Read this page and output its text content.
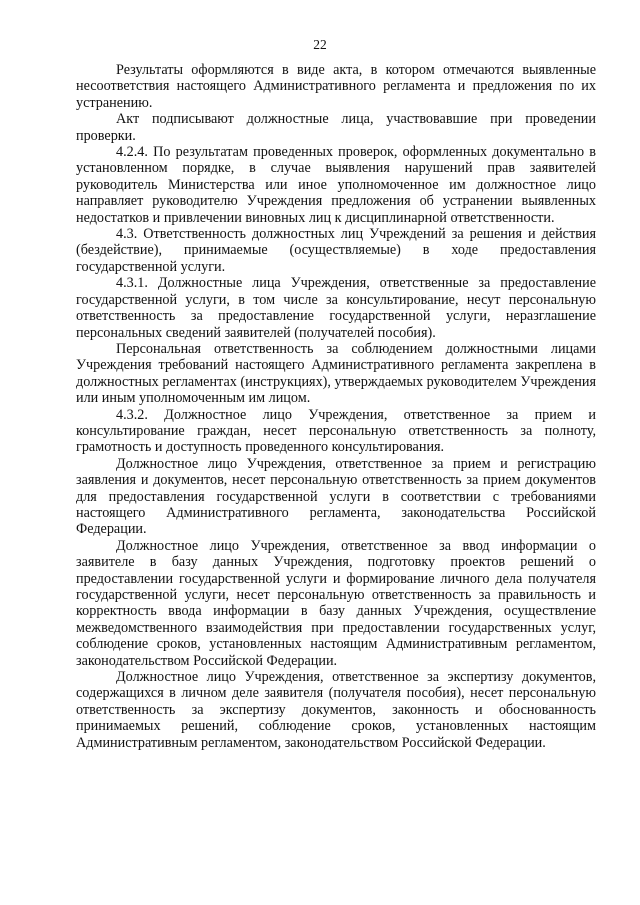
22

Результаты оформляются в виде акта, в котором отмечаются выявленные несоответствия настоящего Административного регламента и предложения по их устранению.

Акт подписывают должностные лица, участвовавшие при проведении проверки.

4.2.4. По результатам проведенных проверок, оформленных документально в установленном порядке, в случае выявления нарушений прав заявителей руководитель Министерства или иное уполномоченное им должностное лицо направляет руководителю Учреждения предложения об устранении выявленных недостатков и привлечении виновных лиц к дисциплинарной ответственности.

4.3. Ответственность должностных лиц Учреждений за решения и действия (бездействие), принимаемые (осуществляемые) в ходе предоставления государственной услуги.

4.3.1. Должностные лица Учреждения, ответственные за предоставление государственной услуги, в том числе за консультирование, несут персональную ответственность за предоставление государственной услуги, неразглашение персональных сведений заявителей (получателей пособия).

Персональная ответственность за соблюдением должностными лицами Учреждения требований настоящего Административного регламента закреплена в должностных регламентах (инструкциях), утверждаемых руководителем Учреждения или иным уполномоченным им лицом.

4.3.2. Должностное лицо Учреждения, ответственное за прием и консультирование граждан, несет персональную ответственность за полноту, грамотность и доступность проведенного консультирования.

Должностное лицо Учреждения, ответственное за прием и регистрацию заявления и документов, несет персональную ответственность за прием документов для предоставления государственной услуги в соответствии с требованиями настоящего Административного регламента, законодательства Российской Федерации.

Должностное лицо Учреждения, ответственное за ввод информации о заявителе в базу данных Учреждения, подготовку проектов решений о предоставлении государственной услуги и формирование личного дела получателя государственной услуги, несет персональную ответственность за правильность и корректность ввода информации в базу данных Учреждения, осуществление межведомственного взаимодействия при предоставлении государственных услуг, соблюдение сроков, установленных настоящим Административным регламентом, законодательством Российской Федерации.

Должностное лицо Учреждения, ответственное за экспертизу документов, содержащихся в личном деле заявителя (получателя пособия), несет персональную ответственность за экспертизу документов, законность и обоснованность принимаемых решений, соблюдение сроков, установленных настоящим Административным регламентом, законодательством Российской Федерации.
